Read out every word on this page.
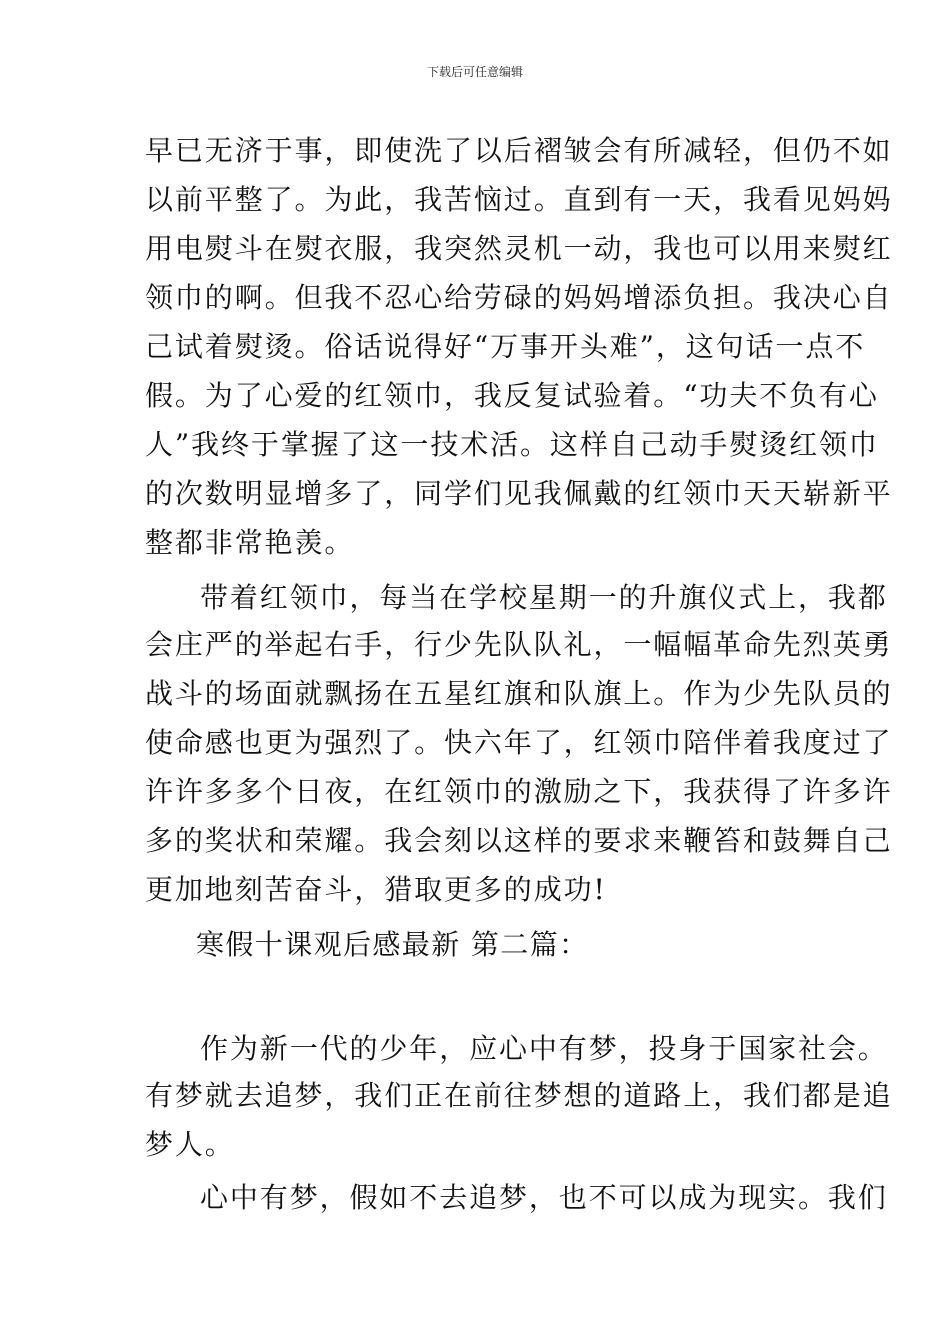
下载后可任意编辑
早已无济于事，即使洗了以后褶皱会有所减轻，但仍不如
以前平整了。为此，我苦恼过。直到有一天，我看见妈妈
用电熨斗在熨衣服，我突然灵机一动，我也可以用来熨红
领巾的啊。但我不忍心给劳碌的妈妈增添负担。我决心自
己试着熨烫。俗话说得好“万事开头难”，这句话一点不
假。为了心爱的红领巾，我反复试验着。“功夫不负有心
人”我终于掌握了这一技术活。这样自己动手熨烫红领巾
的次数明显增多了，同学们见我佩戴的红领巾天天崭新平
整都非常艳羡。
带着红领巾，每当在学校星期一的升旗仪式上，我都
会庄严的举起右手，行少先队队礼，一幅幅革命先烈英勇
战斗的场面就飘扬在五星红旗和队旗上。作为少先队员的
使命感也更为强烈了。快六年了，红领巾陪伴着我度过了
许许多多个日夜，在红领巾的激励之下，我获得了许多许
多的奖状和荣耀。我会刻以这样的要求来鞭笞和鼓舞自己
更加地刻苦奋斗，猎取更多的成功!
寒假十课观后感最新 第二篇：
作为新一代的少年，应心中有梦，投身于国家社会。
有梦就去追梦，我们正在前往梦想的道路上，我们都是追
梦人。
心中有梦，假如不去追梦，也不可以成为现实。我们
